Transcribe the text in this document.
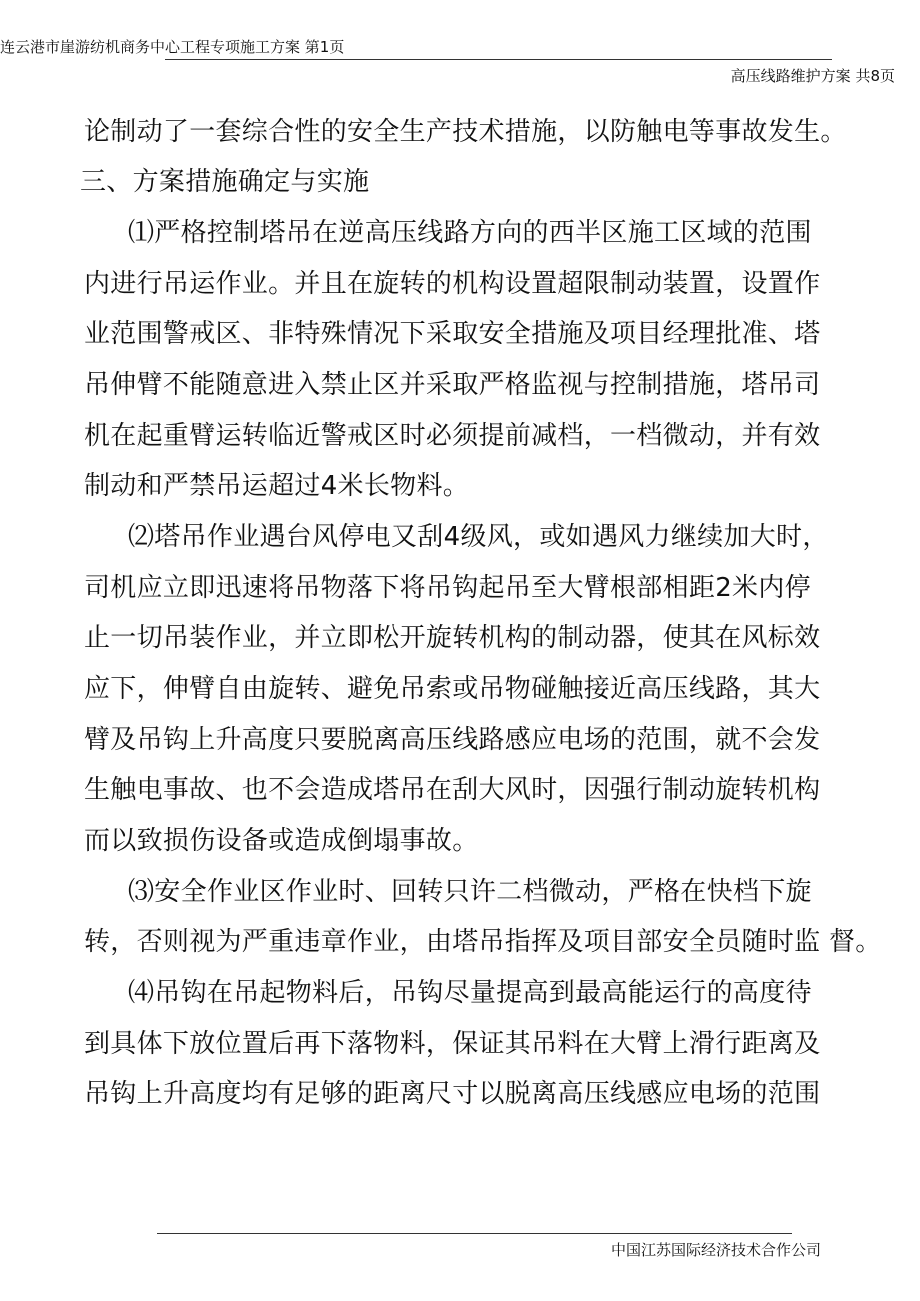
连云港市崖游纺机商务中心工程专项施工方案 第1页
高压线路维护方案 共8页
论制动了一套综合性的安全生产技术措施，以防触电等事故发生。
三、方案措施确定与实施
⑴严格控制塔吊在逆高压线路方向的西半区施工区域的范围
内进行吊运作业。并且在旋转的机构设置超限制动装置，设置作
业范围警戒区、非特殊情况下采取安全措施及项目经理批准、塔
吊伸臂不能随意进入禁止区并采取严格监视与控制措施，塔吊司
机在起重臂运转临近警戒区时必须提前减档，一档微动，并有效
制动和严禁吊运超过4米长物料。
⑵塔吊作业遇台风停电又刮4级风，或如遇风力继续加大时，
司机应立即迅速将吊物落下将吊钩起吊至大臂根部相距2米内停
止一切吊装作业，并立即松开旋转机构的制动器，使其在风标效
应下，伸臂自由旋转、避免吊索或吊物碰触接近高压线路，其大
臂及吊钩上升高度只要脱离高压线路感应电场的范围，就不会发
生触电事故、也不会造成塔吊在刮大风时，因强行制动旋转机构
而以致损伤设备或造成倒塌事故。
⑶安全作业区作业时、回转只许二档微动，严格在快档下旋
转，否则视为严重违章作业，由塔吊指挥及项目部安全员随时监 督。
⑷吊钩在吊起物料后，吊钩尽量提高到最高能运行的高度待
到具体下放位置后再下落物料，保证其吊料在大臂上滑行距离及
吊钩上升高度均有足够的距离尺寸以脱离高压线感应电场的范围
中国江苏国际经济技术合作公司
